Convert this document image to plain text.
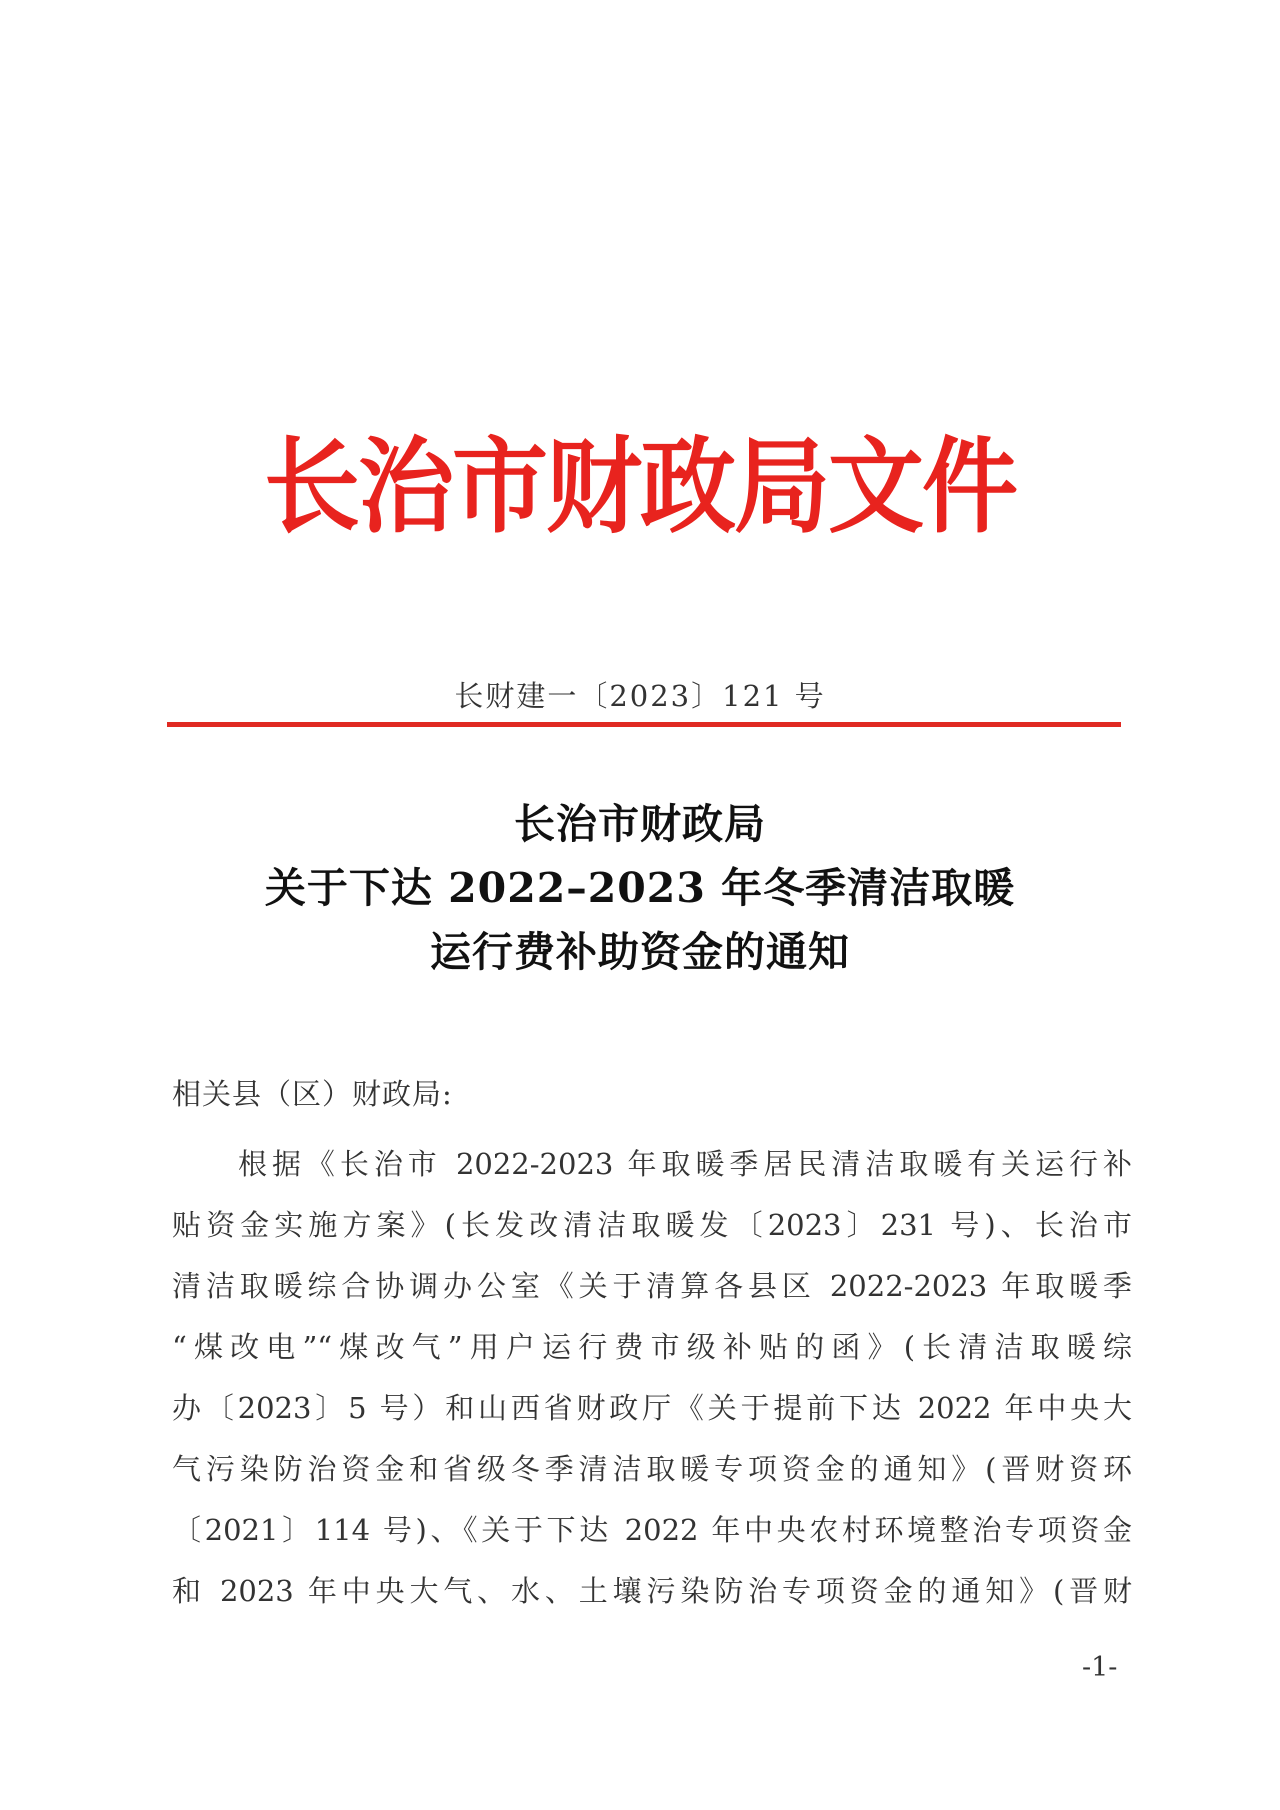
长治市财政局文件
长财建一〔2023〕121 号
长治市财政局
关于下达 2022–2023 年冬季清洁取暖
运行费补助资金的通知
相关县（区）财政局:
根据《长治市 2022-2023 年取暖季居民清洁取暖有关运行补
贴资金实施方案》(长发改清洁取暖发〔2023〕231 号)、长治市
清洁取暖综合协调办公室《关于清算各县区 2022-2023 年取暖季
“煤改电”“煤改气”用户运行费市级补贴的函》(长清洁取暖综
办〔2023〕5 号）和山西省财政厅《关于提前下达 2022 年中央大
气污染防治资金和省级冬季清洁取暖专项资金的通知》(晋财资环
〔2021〕114 号)、《关于下达 2022 年中央农村环境整治专项资金
和 2023 年中央大气、水、土壤污染防治专项资金的通知》(晋财
-1-
